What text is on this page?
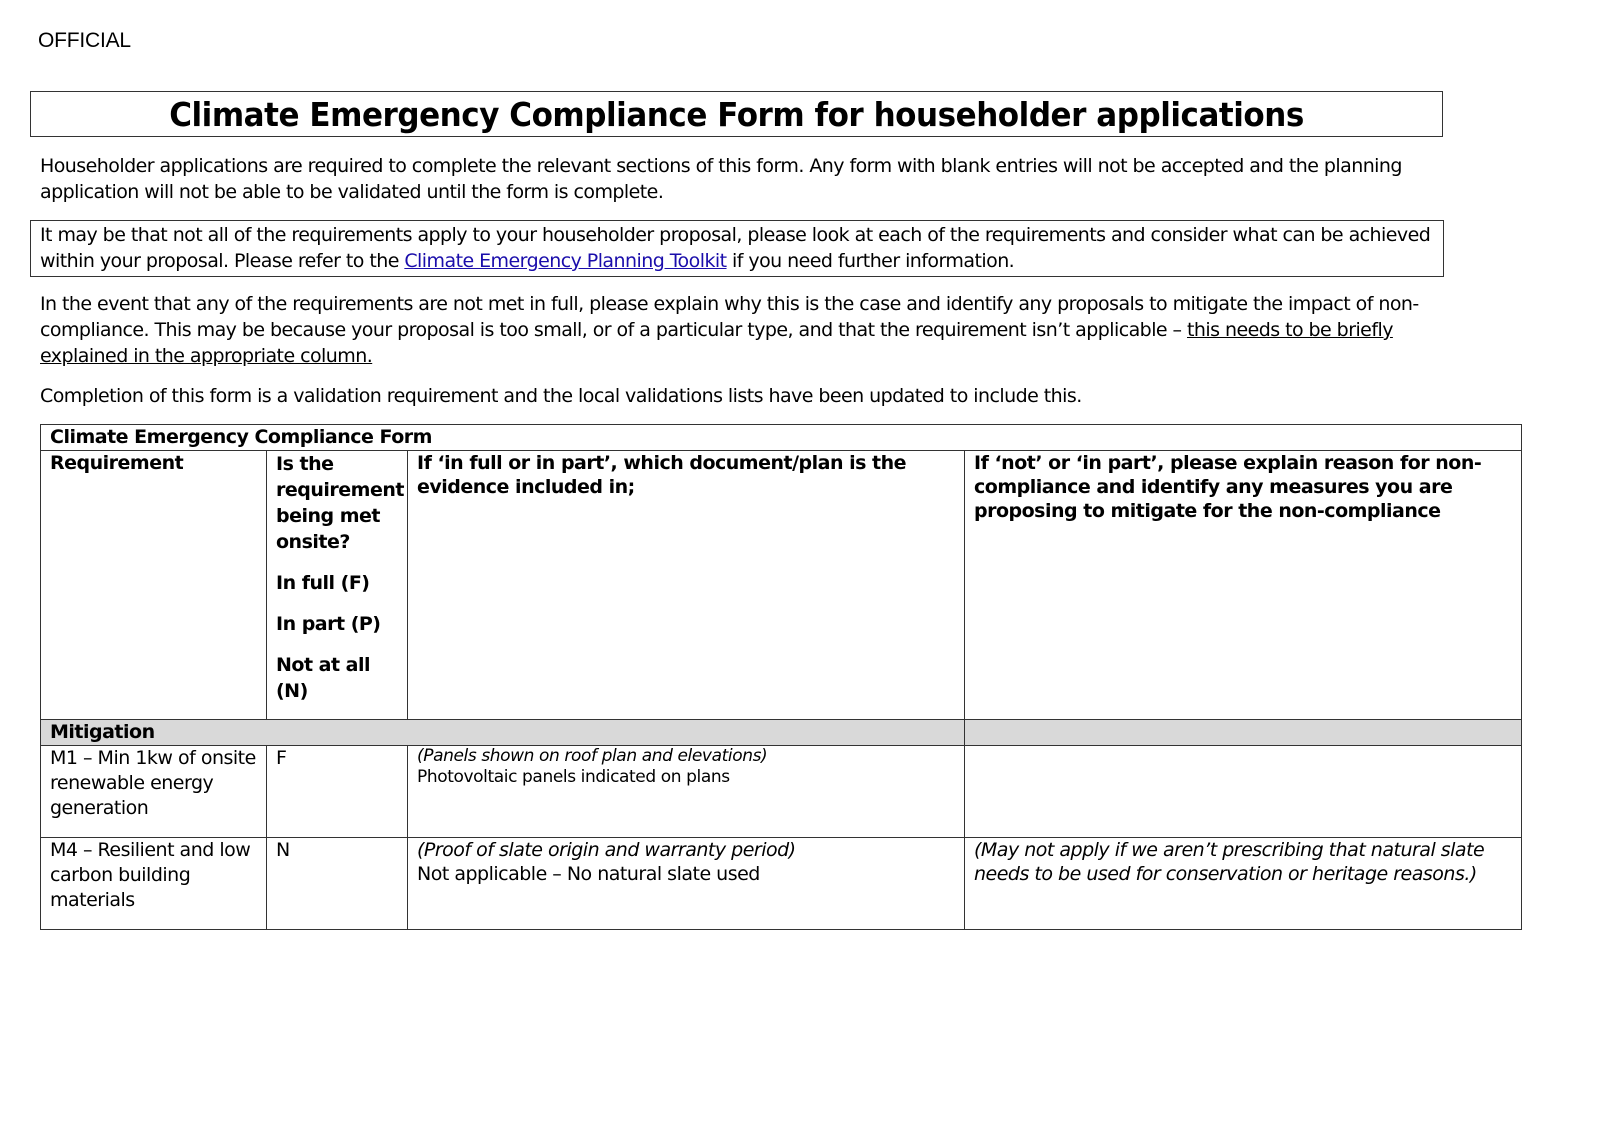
OFFICIAL
Climate Emergency Compliance Form for householder applications
Householder applications are required to complete the relevant sections of this form. Any form with blank entries will not be accepted and the planning application will not be able to be validated until the form is complete.
It may be that not all of the requirements apply to your householder proposal, please look at each of the requirements and consider what can be achieved within your proposal. Please refer to the Climate Emergency Planning Toolkit if you need further information.
In the event that any of the requirements are not met in full, please explain why this is the case and identify any proposals to mitigate the impact of non-compliance. This may be because your proposal is too small, or of a particular type, and that the requirement isn’t applicable – this needs to be briefly explained in the appropriate column.
Completion of this form is a validation requirement and the local validations lists have been updated to include this.
Climate Emergency Compliance Form			
Requirement	Is the requirement being met onsite?

In full (F)

In part (P)

Not at all (N)	If ‘in full or in part’, which document/plan is the evidence included in;	If ‘not’ or ‘in part’, please explain reason for non-compliance and identify any measures you are proposing to mitigate for the non-compliance
Mitigation			
M1 – Min 1kw of onsite renewable energy generation	F	(Panels shown on roof plan and elevations)
Photovoltaic panels indicated on plans	

M4 – Resilient and low carbon building materials	N	(Proof of slate origin and warranty period)
Not applicable – No natural slate used	(May not apply if we aren’t prescribing that natural slate needs to be used for conservation or heritage reasons.)
